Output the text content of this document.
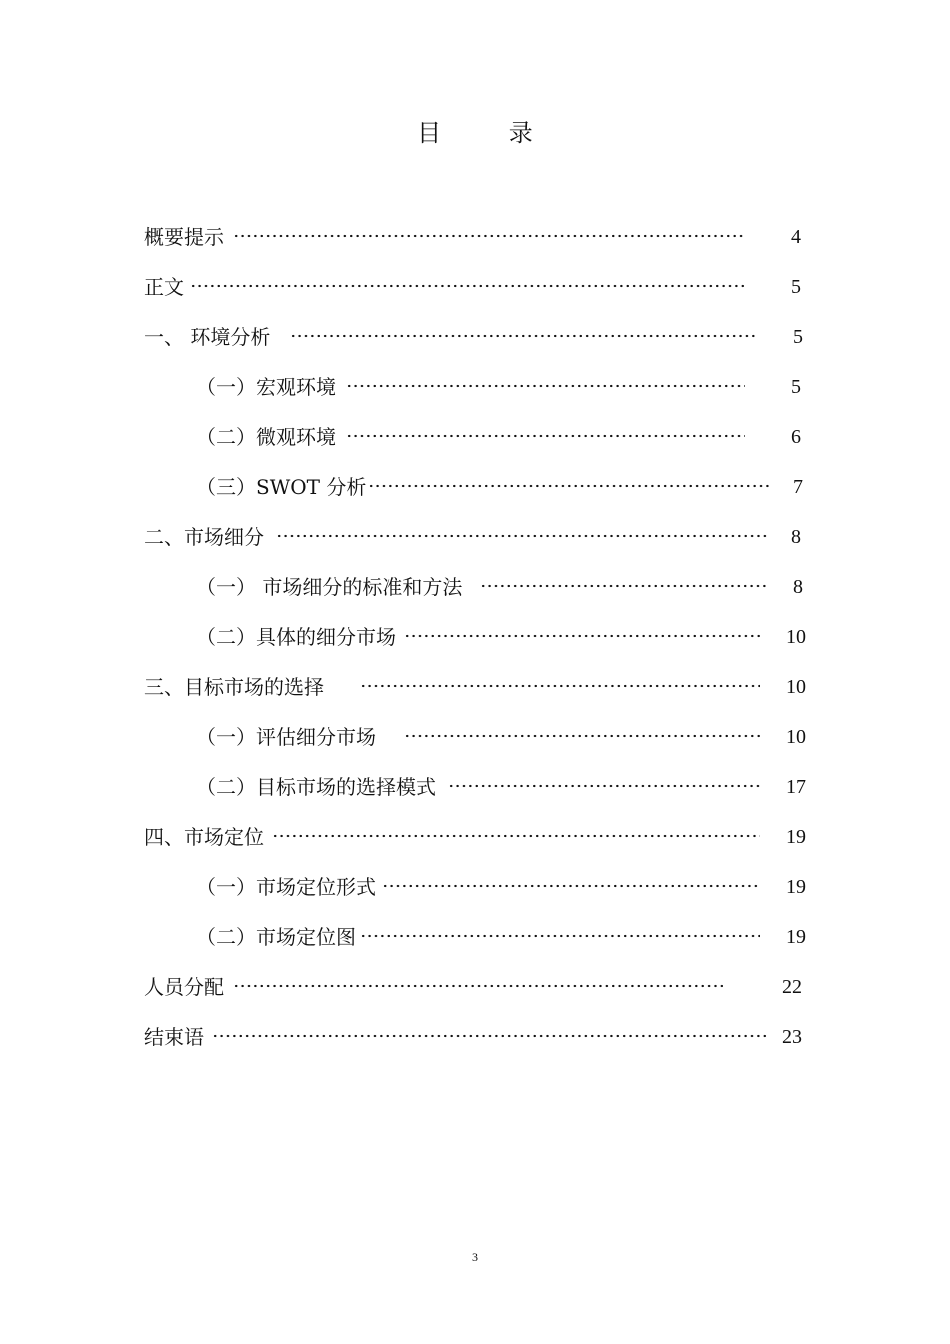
目 录
概要提示	4
正文	5
一、 环境分析	5
（一）宏观环境	5
（二）微观环境	6
（三）SWOT 分析	7
二、市场细分	8
（一） 市场细分的标准和方法	8
（二）具体的细分市场	10
三、目标市场的选择	10
（一）评估细分市场	10
（二）目标市场的选择模式	17
四、市场定位	19
（一）市场定位形式	19
（二）市场定位图	19
人员分配	22
结束语	23
3
